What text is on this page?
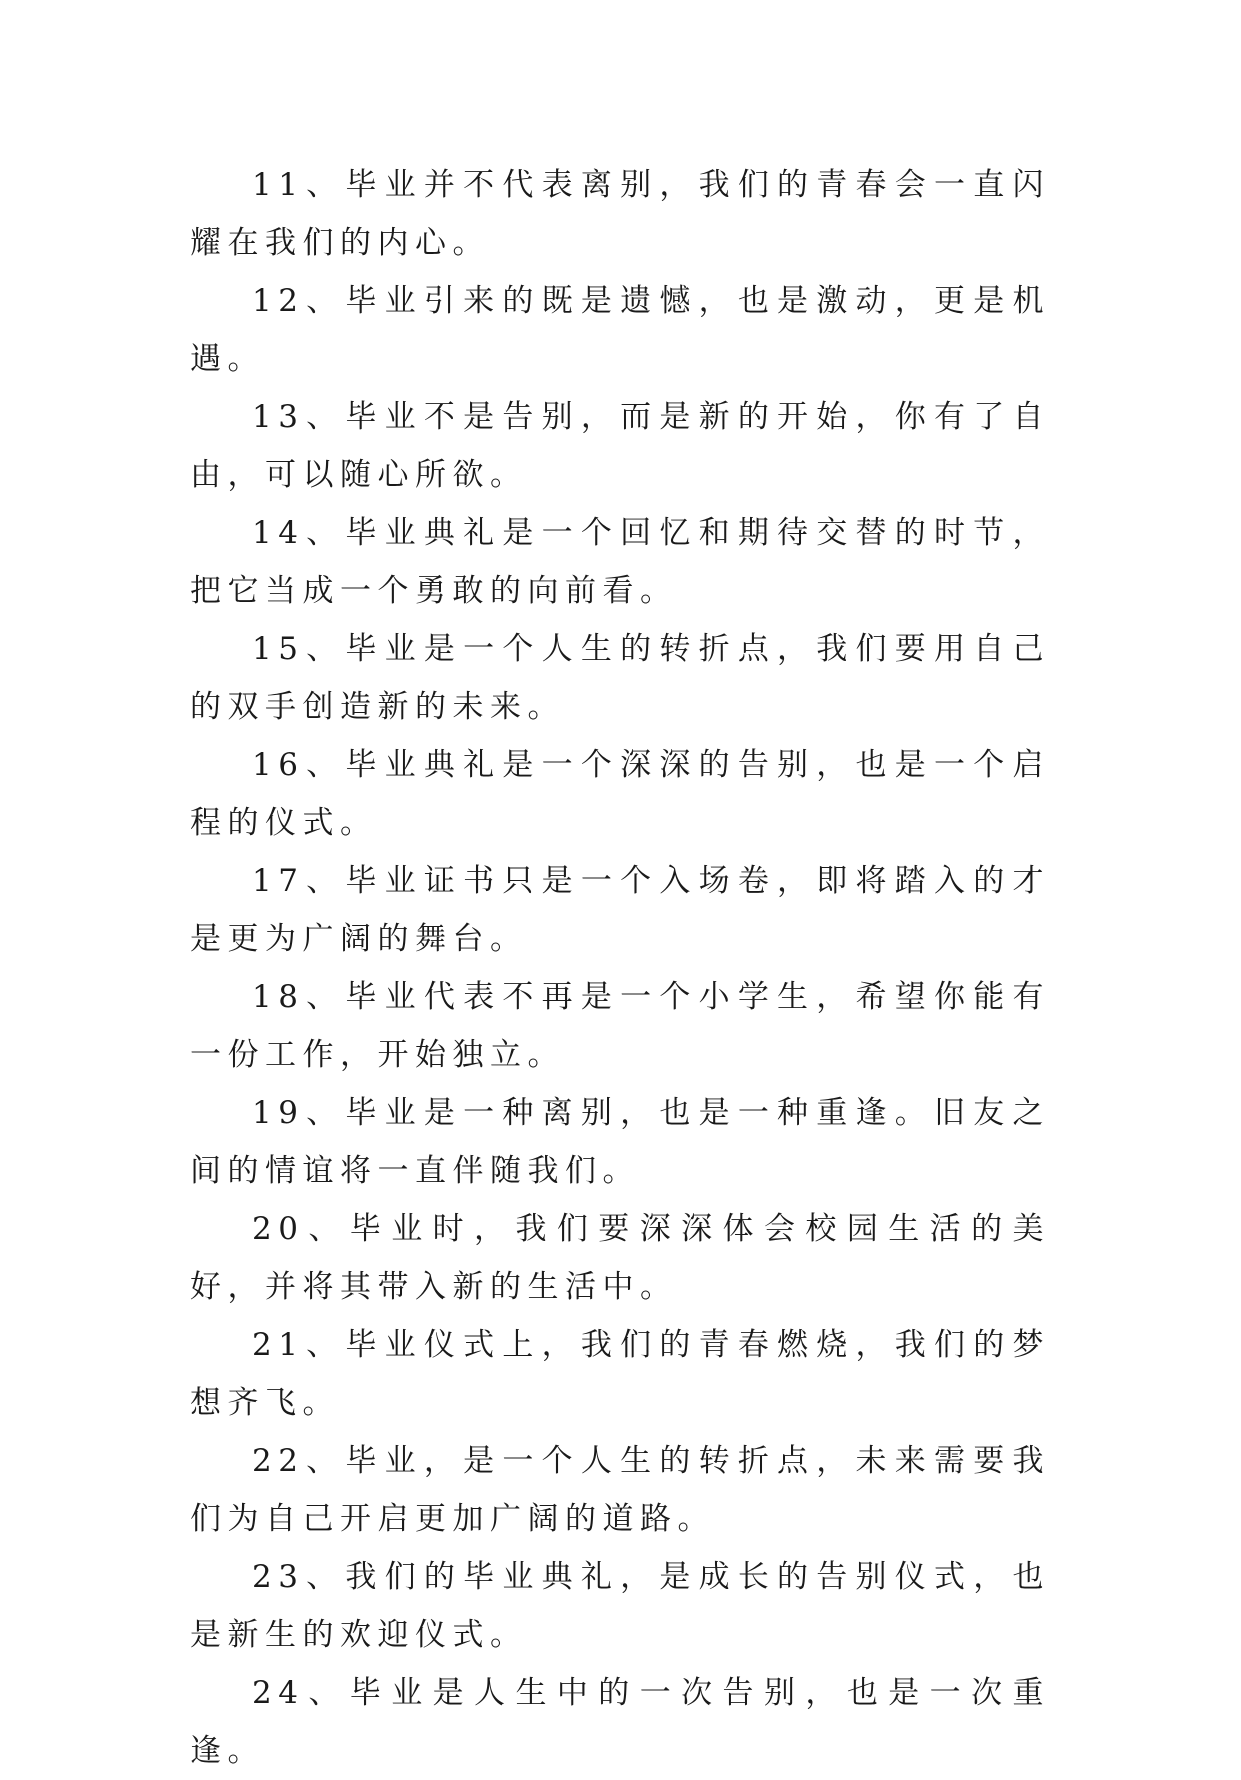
11、毕业并不代表离别，我们的青春会一直闪耀在我们的内心。

12、毕业引来的既是遗憾，也是激动，更是机遇。

13、毕业不是告别，而是新的开始，你有了自由，可以随心所欲。

14、毕业典礼是一个回忆和期待交替的时节，把它当成一个勇敢的向前看。

15、毕业是一个人生的转折点，我们要用自己的双手创造新的未来。

16、毕业典礼是一个深深的告别，也是一个启程的仪式。

17、毕业证书只是一个入场卷，即将踏入的才是更为广阔的舞台。

18、毕业代表不再是一个小学生，希望你能有一份工作，开始独立。

19、毕业是一种离别，也是一种重逢。旧友之间的情谊将一直伴随我们。

20、毕业时，我们要深深体会校园生活的美好，并将其带入新的生活中。

21、毕业仪式上，我们的青春燃烧，我们的梦想齐飞。

22、毕业，是一个人生的转折点，未来需要我们为自己开启更加广阔的道路。

23、我们的毕业典礼，是成长的告别仪式，也是新生的欢迎仪式。

24、毕业是人生中的一次告别，也是一次重逢。
